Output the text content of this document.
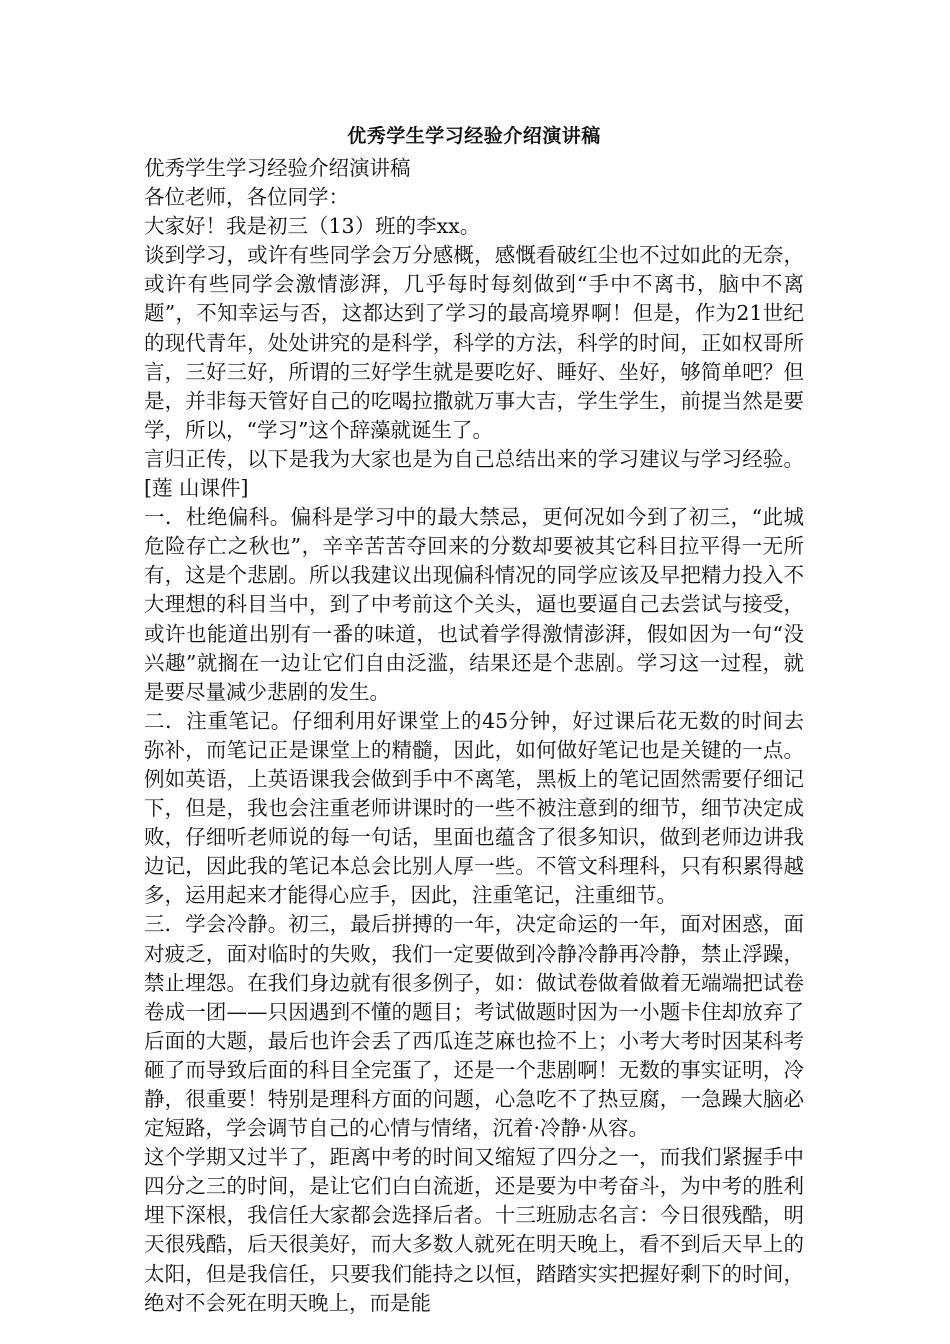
优秀学生学习经验介绍演讲稿

优秀学生学习经验介绍演讲稿

各位老师，各位同学：

大家好！我是初三（13）班的李xx。

谈到学习，或许有些同学会万分感概，感慨看破红尘也不过如此的无奈，或许有些同学会激情澎湃，几乎每时每刻做到“手中不离书，脑中不离题”，不知幸运与否，这都达到了学习的最高境界啊！但是，作为21世纪的现代青年，处处讲究的是科学，科学的方法，科学的时间，正如权哥所言，三好三好，所谓的三好学生就是要吃好、睡好、坐好，够简单吧？但是，并非每天管好自己的吃喝拉撒就万事大吉，学生学生，前提当然是要学，所以，“学习”这个辞藻就诞生了。

言归正传，以下是我为大家也是为自己总结出来的学习建议与学习经验。[莲 山课件]

一．杜绝偏科。偏科是学习中的最大禁忌，更何况如今到了初三，“此城危险存亡之秋也”，辛辛苦苦夺回来的分数却要被其它科目拉平得一无所有，这是个悲剧。所以我建议出现偏科情况的同学应该及早把精力投入不大理想的科目当中，到了中考前这个关头，逼也要逼自己去尝试与接受，或许也能道出别有一番的味道，也试着学得激情澎湃，假如因为一句“没兴趣”就搁在一边让它们自由泛滥，结果还是个悲剧。学习这一过程，就是要尽量减少悲剧的发生。

二．注重笔记。仔细利用好课堂上的45分钟，好过课后花无数的时间去弥补，而笔记正是课堂上的精髓，因此，如何做好笔记也是关键的一点。例如英语，上英语课我会做到手中不离笔，黑板上的笔记固然需要仔细记下，但是，我也会注重老师讲课时的一些不被注意到的细节，细节决定成败，仔细听老师说的每一句话，里面也蕴含了很多知识，做到老师边讲我边记，因此我的笔记本总会比别人厚一些。不管文科理科，只有积累得越多，运用起来才能得心应手，因此，注重笔记，注重细节。

三．学会冷静。初三，最后拼搏的一年，决定命运的一年，面对困惑，面对疲乏，面对临时的失败，我们一定要做到冷静冷静再冷静，禁止浮躁，禁止埋怨。在我们身边就有很多例子，如：做试卷做着做着无端端把试卷卷成一团——只因遇到不懂的题目；考试做题时因为一小题卡住却放弃了后面的大题，最后也许会丢了西瓜连芝麻也捡不上；小考大考时因某科考砸了而导致后面的科目全完蛋了，还是一个悲剧啊！无数的事实证明，冷静，很重要！特别是理科方面的问题，心急吃不了热豆腐，一急躁大脑必定短路，学会调节自己的心情与情绪，沉着·冷静·从容。

这个学期又过半了，距离中考的时间又缩短了四分之一，而我们紧握手中四分之三的时间，是让它们白白流逝，还是要为中考奋斗，为中考的胜利埋下深根，我信任大家都会选择后者。十三班励志名言：今日很残酷，明天很残酷，后天很美好，而大多数人就死在明天晚上，看不到后天早上的太阳，但是我信任，只要我们能持之以恒，踏踏实实把握好剩下的时间，绝对不会死在明天晚上，而是能
